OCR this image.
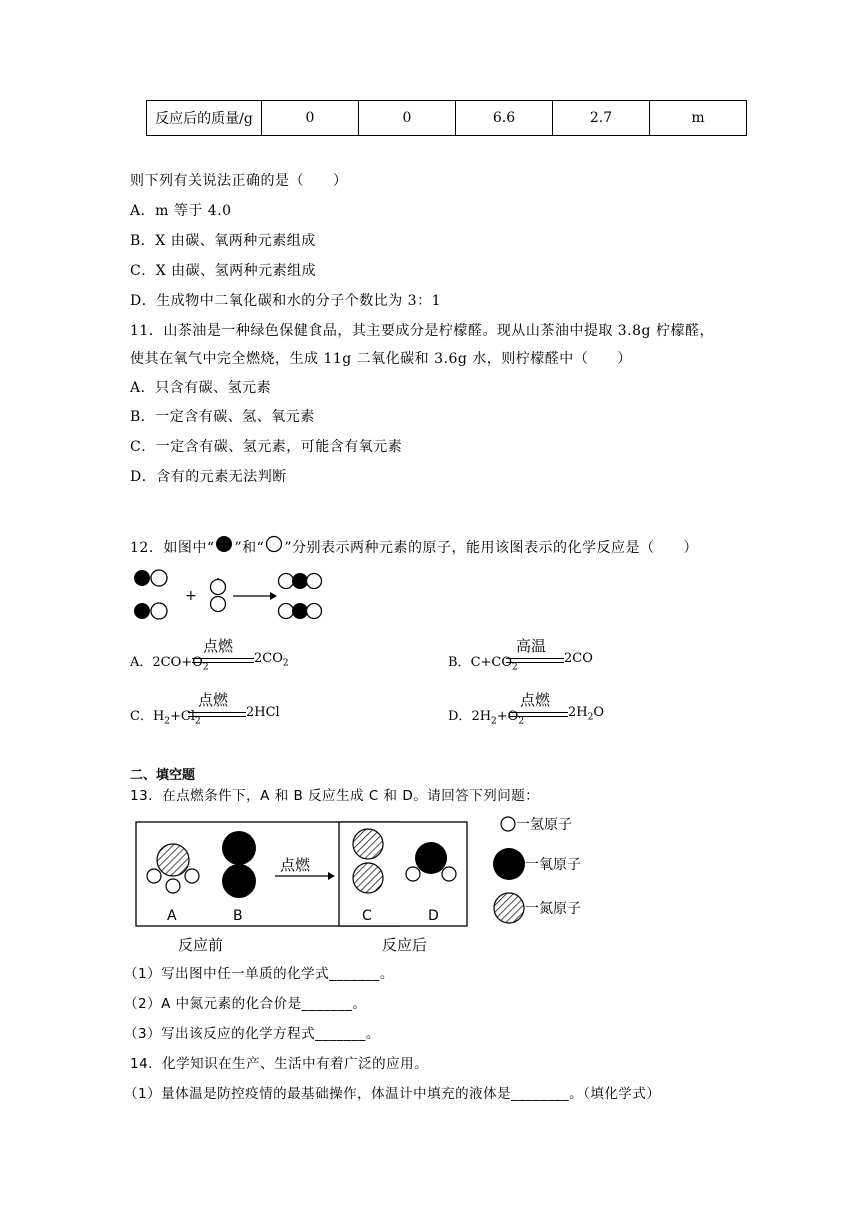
反应后的质量/g	0	0	6.6	2.7	m
则下列有关说法正确的是（　　）
A．m 等于 4.0
B．X 由碳、氧两种元素组成
C．X 由碳、氢两种元素组成
D．生成物中二氧化碳和水的分子个数比为 3：1
11．山茶油是一种绿色保健食品，其主要成分是柠檬醛。现从山茶油中提取 3.8g 柠檬醛，
使其在氧气中完全燃烧，生成 11g 二氧化碳和 3.6g 水，则柠檬醛中（　　）
A．只含有碳、氢元素
B．一定含有碳、氢、氧元素
C．一定含有碳、氢元素，可能含有氧元素
D．含有的元素无法判断
12．如图中“ ”和“ ”分别表示两种元素的原子，能用该图表示的化学反应是（　　）
+
A．$2CO+O_2$
点燃
$2CO_2$	B．$C+CO_2$
高温
2CO
C．$H_2+Cl_2$
点燃
2HCl	D．$2H_2+O_2$
点燃
$2H_2O$
二、填空题
13．在点燃条件下，A 和 B 反应生成 C 和 D。请回答下列问题：
A	B
点燃
C	D
反应前	反应后
一氢原子
一氧原子
一氮原子
（1）写出图中任一单质的化学式_______。
（2）A 中氮元素的化合价是_______。
（3）写出该反应的化学方程式_______。
14．化学知识在生产、生活中有着广泛的应用。
（1）量体温是防控疫情的最基础操作，体温计中填充的液体是________。（填化学式）
